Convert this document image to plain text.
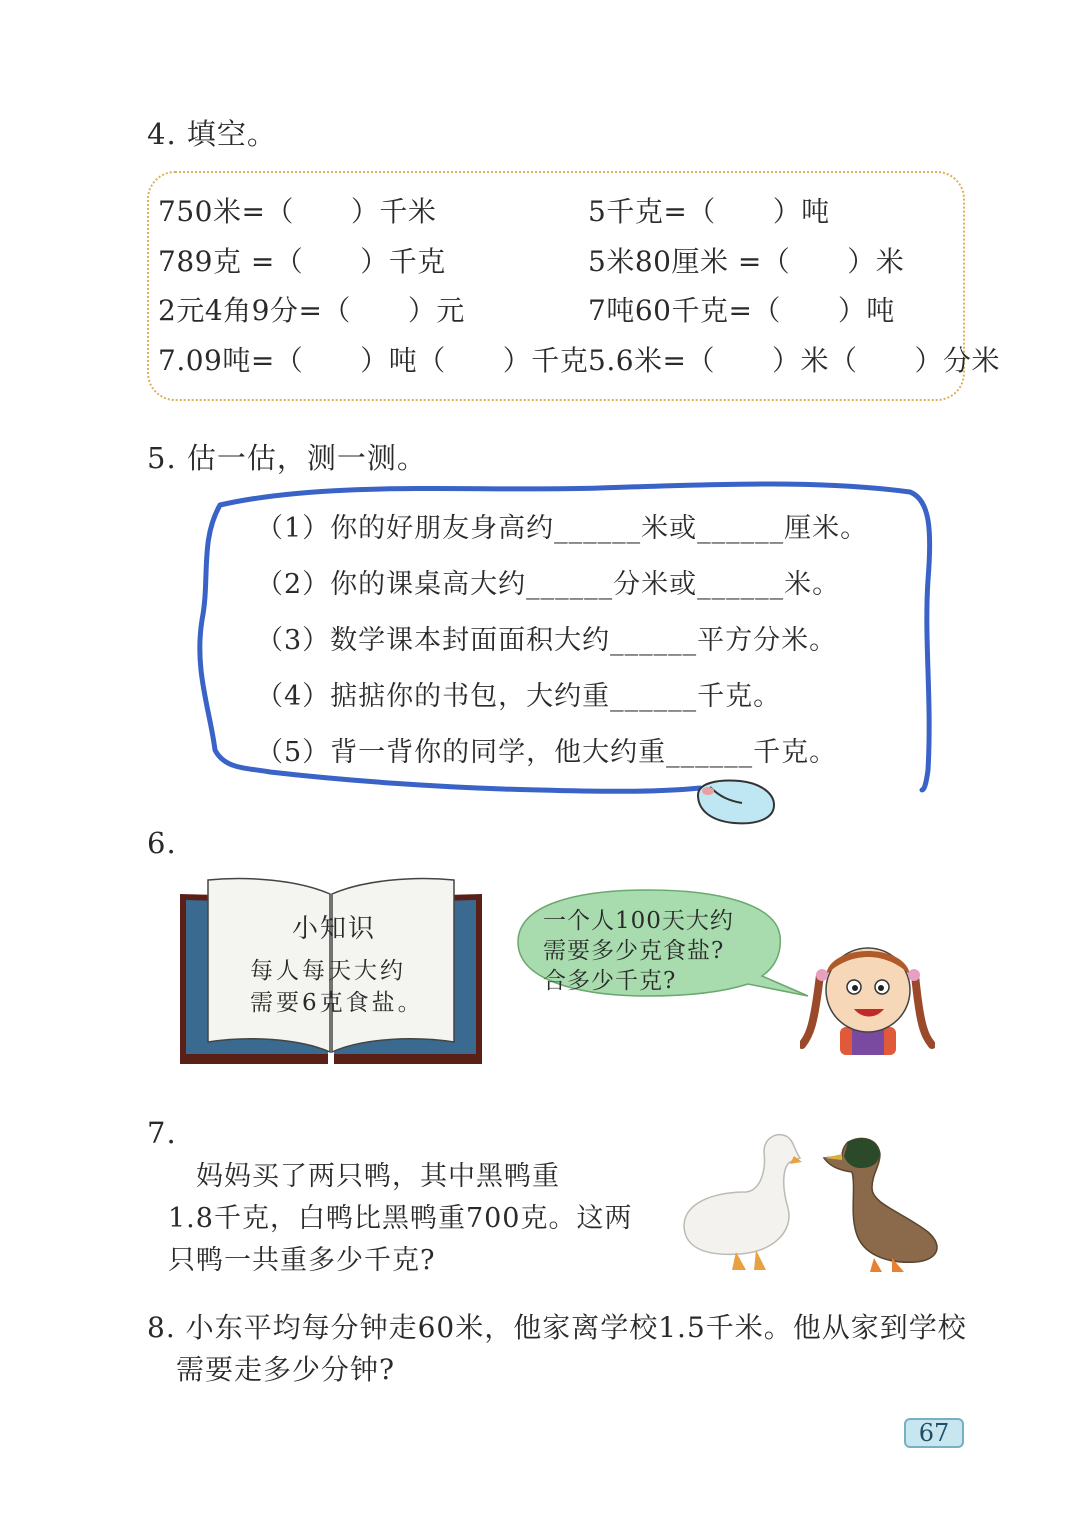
4. 填空。
750米=（　　）千米
789克 =（　　）千克
2元4角9分=（　　）元
7.09吨=（　　）吨（　　）千克
5千克=（　　）吨
5米80厘米 =（　　）米
7吨60千克=（　　）吨
5.6米=（　　）米（　　）分米
5. 估一估，测一测。
（1）你的好朋友身高约______米或______厘米。
（2）你的课桌高大约______分米或______米。
（3）数学课本封面面积大约______平方分米。
（4）掂掂你的书包，大约重______千克。
（5）背一背你的同学，他大约重______千克。
6.
小知识
每人每天大约
需要6克食盐。
一个人100天大约
需要多少克食盐?
合多少千克?
7.
　妈妈买了两只鸭，其中黑鸭重
1.8千克，白鸭比黑鸭重700克。这两
只鸭一共重多少千克?
8. 小东平均每分钟走60米，他家离学校1.5千米。他从家到学校
　需要走多少分钟?
67
